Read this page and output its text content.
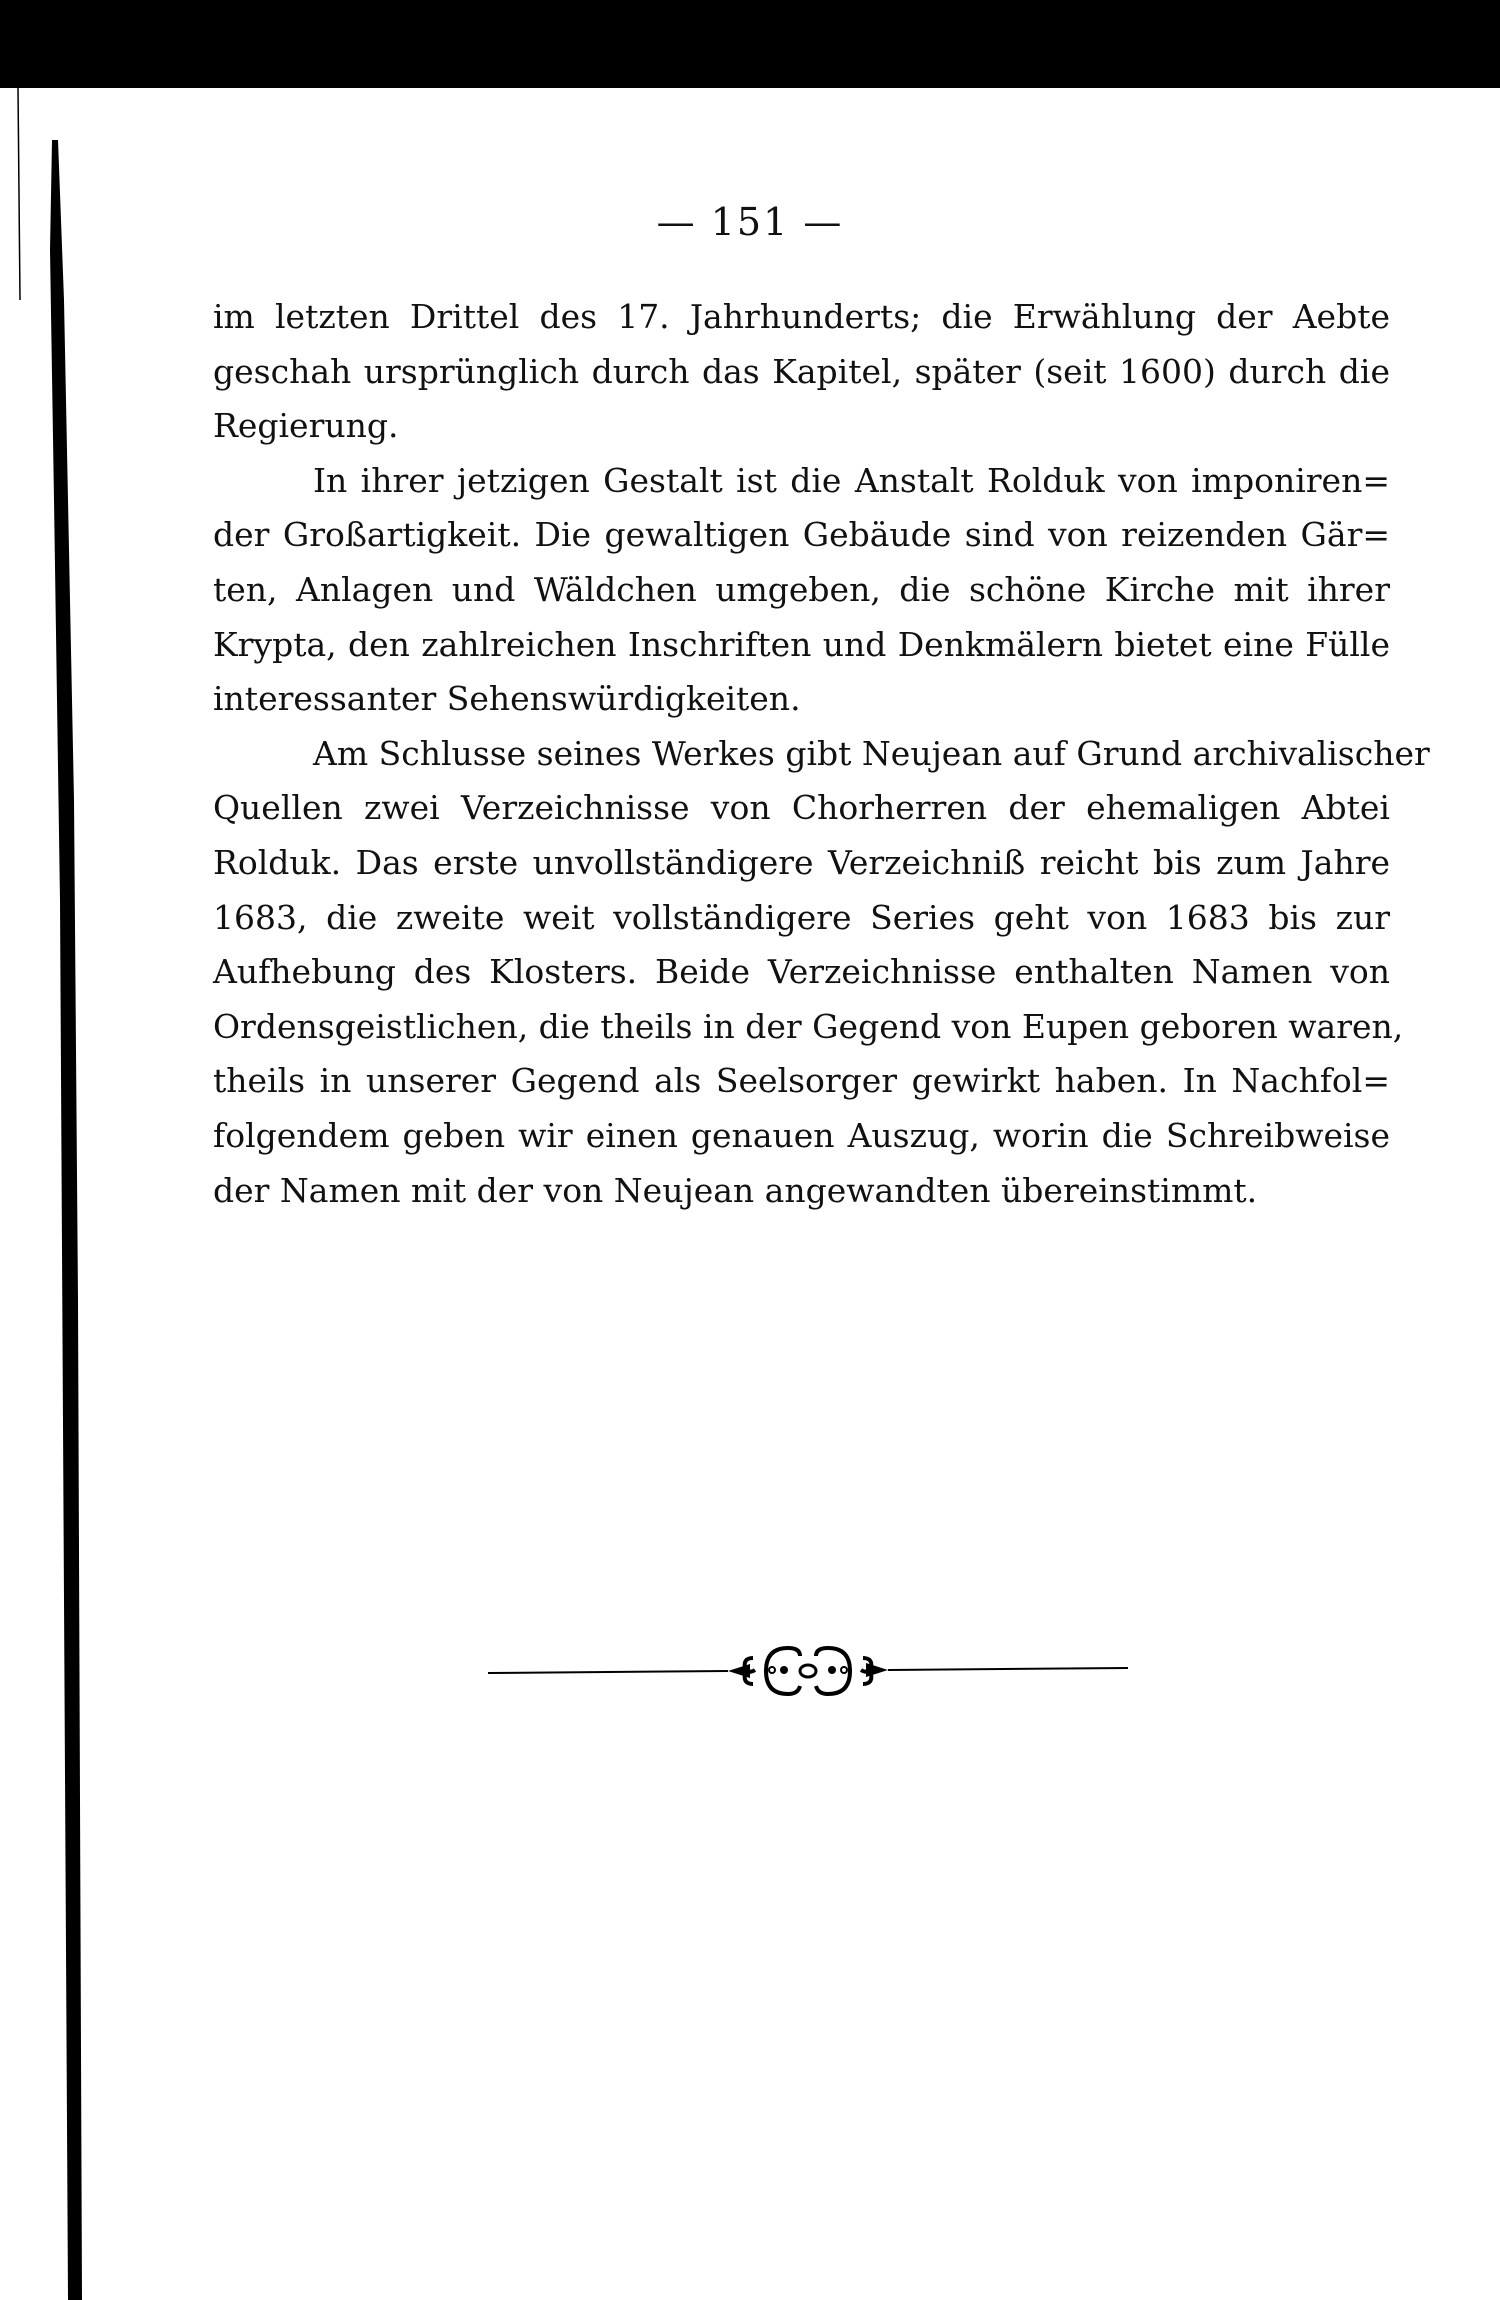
— 151 —
im letzten Drittel des 17. Jahrhunderts; die Erwählung der Aebte
geschah ursprünglich durch das Kapitel, später (seit 1600) durch die
Regierung.
In ihrer jetzigen Gestalt ist die Anstalt Rolduk von imponiren=
der Großartigkeit. Die gewaltigen Gebäude sind von reizenden Gär=
ten, Anlagen und Wäldchen umgeben, die schöne Kirche mit ihrer
Krypta, den zahlreichen Inschriften und Denkmälern bietet eine Fülle
interessanter Sehenswürdigkeiten.
Am Schlusse seines Werkes gibt Neujean auf Grund archivalischer
Quellen zwei Verzeichnisse von Chorherren der ehemaligen Abtei
Rolduk. Das erste unvollständigere Verzeichniß reicht bis zum Jahre
1683, die zweite weit vollständigere Series geht von 1683 bis zur
Aufhebung des Klosters. Beide Verzeichnisse enthalten Namen von
Ordensgeistlichen, die theils in der Gegend von Eupen geboren waren,
theils in unserer Gegend als Seelsorger gewirkt haben. In Nachfol=
folgendem geben wir einen genauen Auszug, worin die Schreibweise
der Namen mit der von Neujean angewandten übereinstimmt.
